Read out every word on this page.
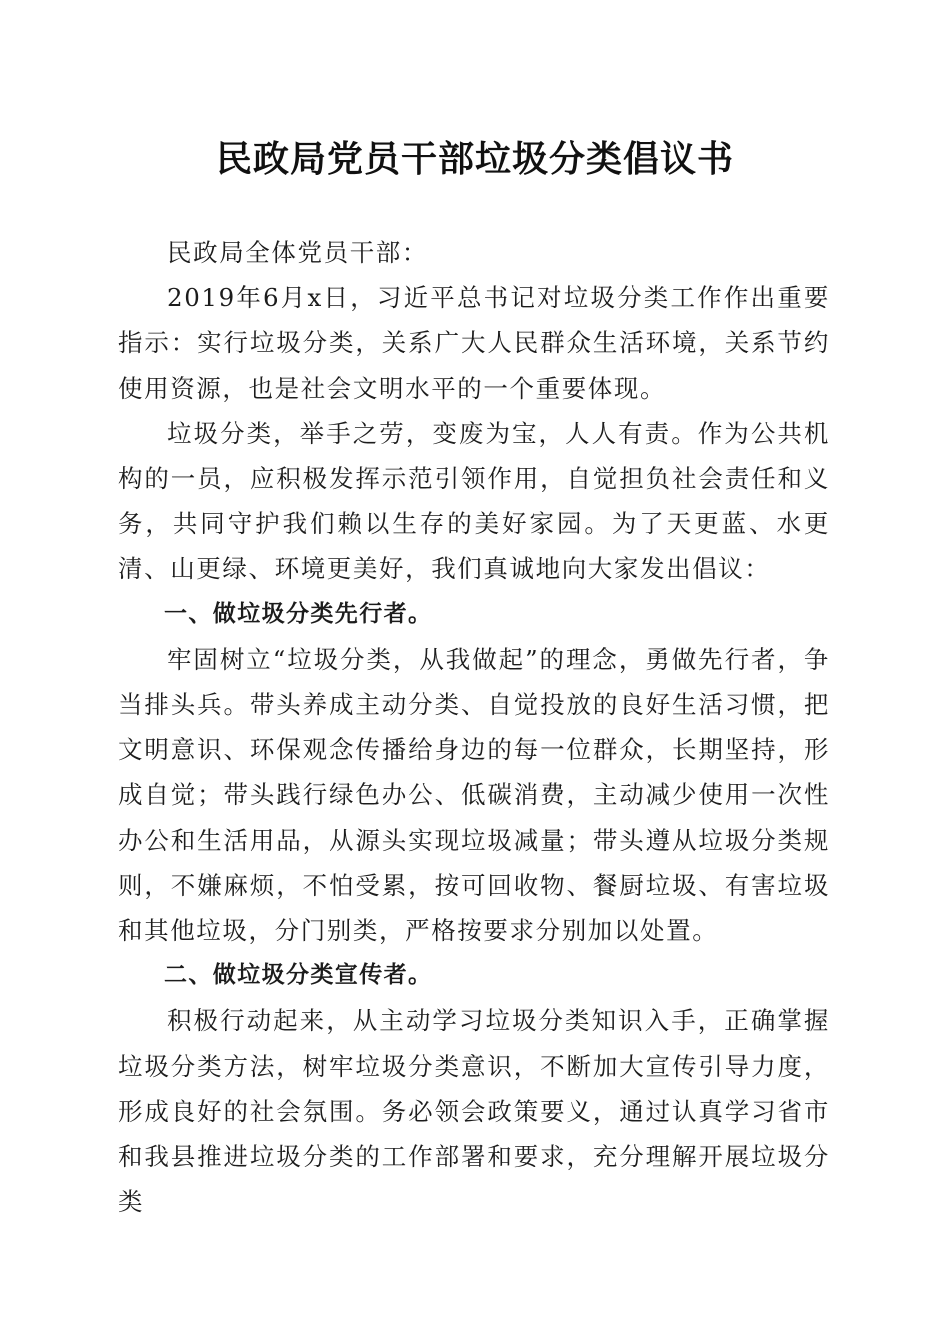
民政局党员干部垃圾分类倡议书

民政局全体党员干部：

2019年6月x日，习近平总书记对垃圾分类工作作出重要指示：实行垃圾分类，关系广大人民群众生活环境，关系节约使用资源，也是社会文明水平的一个重要体现。

垃圾分类，举手之劳，变废为宝，人人有责。作为公共机构的一员，应积极发挥示范引领作用，自觉担负社会责任和义务，共同守护我们赖以生存的美好家园。为了天更蓝、水更清、山更绿、环境更美好，我们真诚地向大家发出倡议：

一、做垃圾分类先行者。

牢固树立“垃圾分类，从我做起”的理念，勇做先行者，争当排头兵。带头养成主动分类、自觉投放的良好生活习惯，把文明意识、环保观念传播给身边的每一位群众，长期坚持，形成自觉；带头践行绿色办公、低碳消费，主动减少使用一次性办公和生活用品，从源头实现垃圾减量；带头遵从垃圾分类规则，不嫌麻烦，不怕受累，按可回收物、餐厨垃圾、有害垃圾和其他垃圾，分门别类，严格按要求分别加以处置。

二、做垃圾分类宣传者。

积极行动起来，从主动学习垃圾分类知识入手，正确掌握垃圾分类方法，树牢垃圾分类意识，不断加大宣传引导力度，形成良好的社会氛围。务必领会政策要义，通过认真学习省市和我县推进垃圾分类的工作部署和要求，充分理解开展垃圾分类
